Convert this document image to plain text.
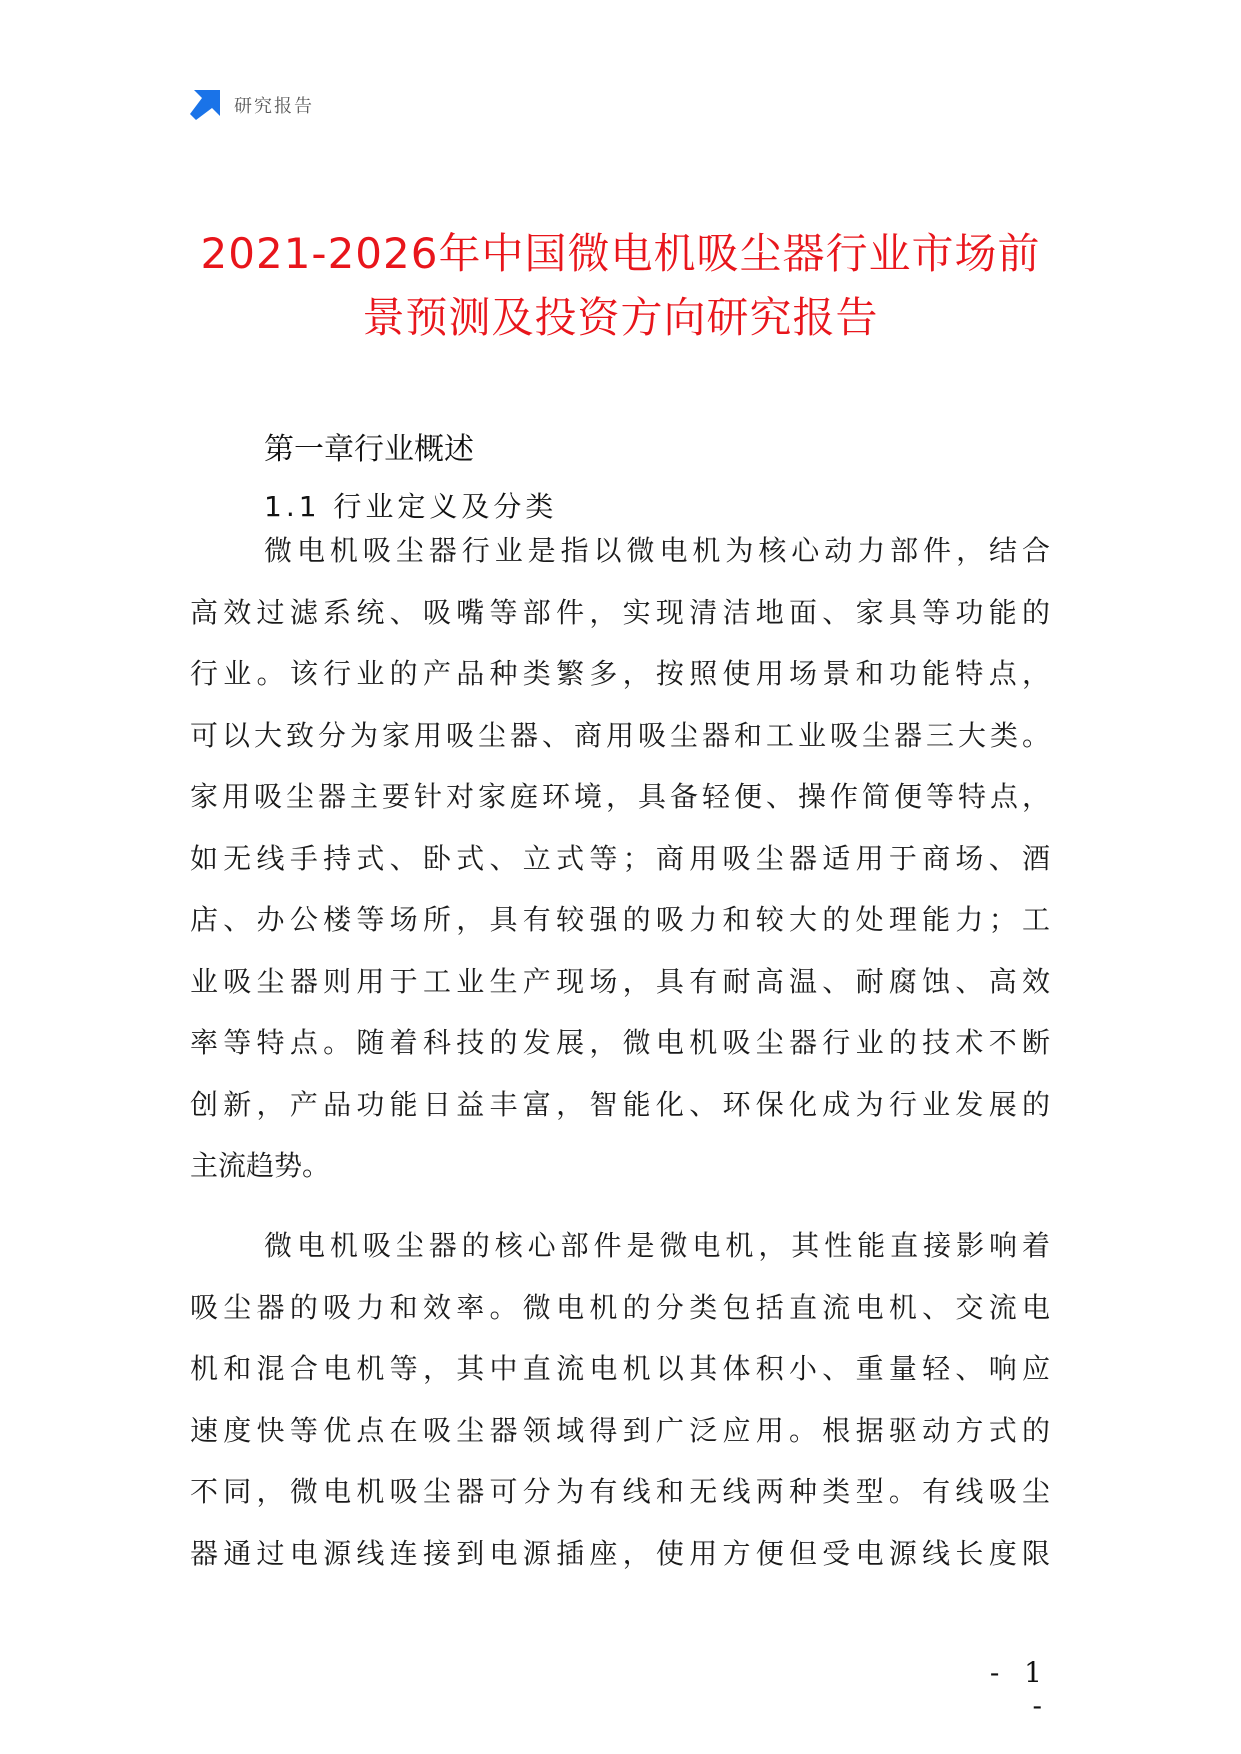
研究报告
2021-2026年中国微电机吸尘器行业市场前
景预测及投资方向研究报告
第一章行业概述
1.1 行业定义及分类
微电机吸尘器行业是指以微电机为核心动力部件，结合
高效过滤系统、吸嘴等部件，实现清洁地面、家具等功能的
行业。该行业的产品种类繁多，按照使用场景和功能特点，
可以大致分为家用吸尘器、商用吸尘器和工业吸尘器三大类。
家用吸尘器主要针对家庭环境，具备轻便、操作简便等特点，
如无线手持式、卧式、立式等；商用吸尘器适用于商场、酒
店、办公楼等场所，具有较强的吸力和较大的处理能力；工
业吸尘器则用于工业生产现场，具有耐高温、耐腐蚀、高效
率等特点。随着科技的发展，微电机吸尘器行业的技术不断
创新，产品功能日益丰富，智能化、环保化成为行业发展的
主流趋势。
微电机吸尘器的核心部件是微电机，其性能直接影响着
吸尘器的吸力和效率。微电机的分类包括直流电机、交流电
机和混合电机等，其中直流电机以其体积小、重量轻、响应
速度快等优点在吸尘器领域得到广泛应用。根据驱动方式的
不同，微电机吸尘器可分为有线和无线两种类型。有线吸尘
器通过电源线连接到电源插座，使用方便但受电源线长度限
- 1 -
